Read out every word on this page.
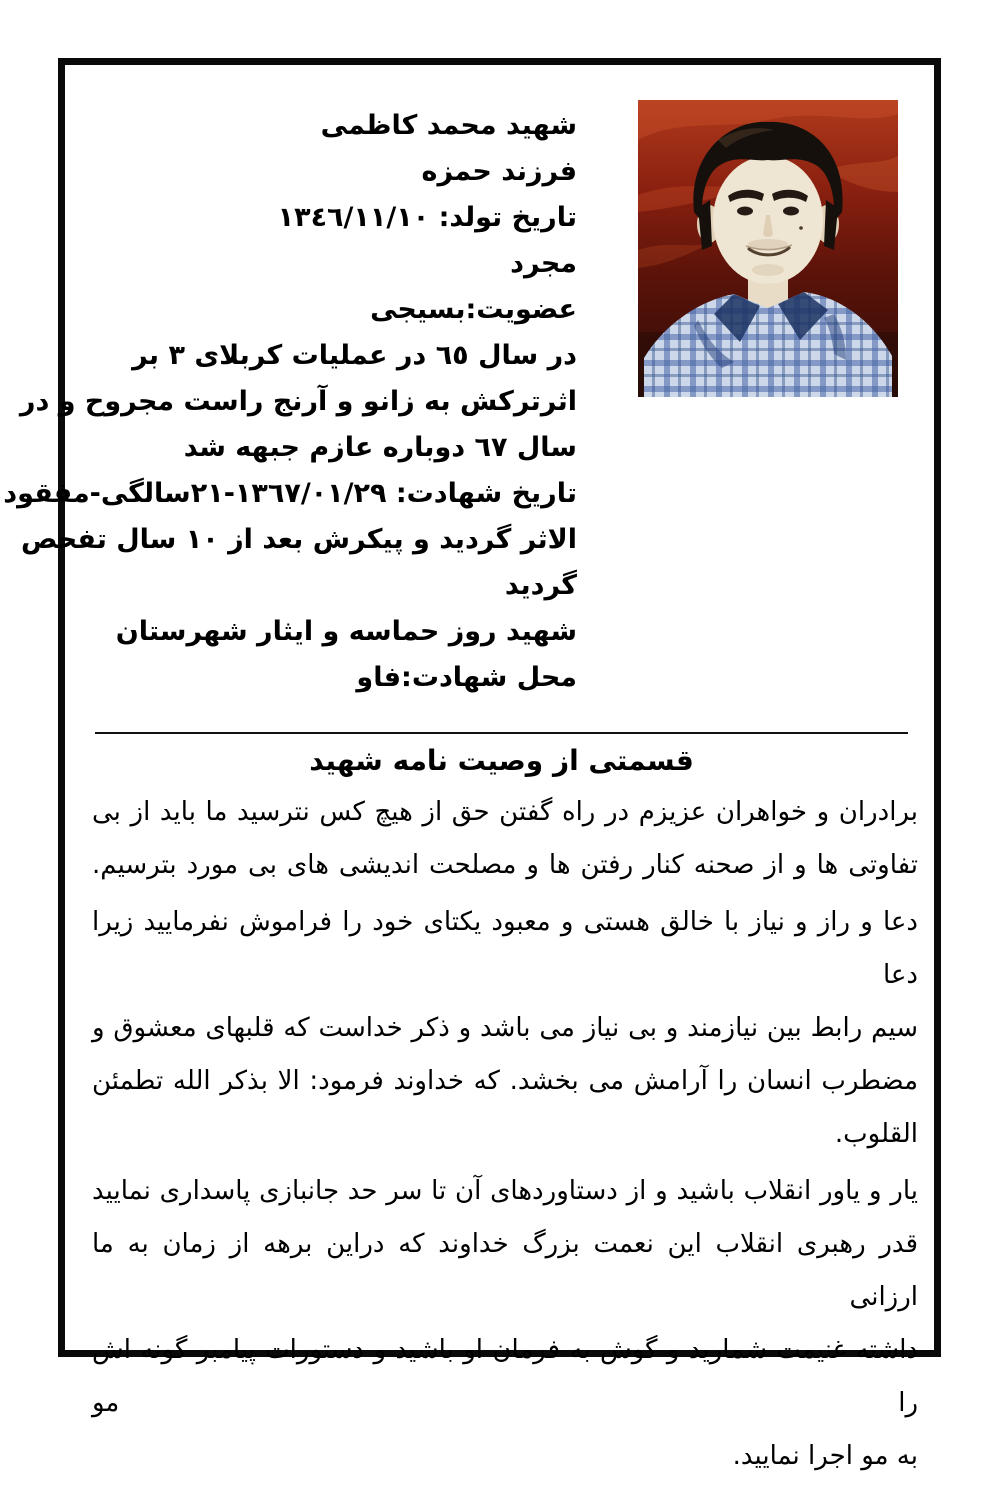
شهید محمد کاظمی
فرزند حمزه
تاریخ تولد: ١٣٤٦/١١/١٠
مجرد
عضویت:بسیجی
در سال ٦٥ در عملیات کربلای ٣ بر
اثرترکش به زانو و آرنج راست مجروح و در
سال ٦٧ دوباره عازم جبهه شد
تاریخ شهادت: ١٣٦٧/٠١/٢٩-٢١سالگی-مفقود
الاثر گردید و پیکرش بعد از ١٠ سال تفحص
گردید
شهید روز حماسه و ایثار شهرستان
محل شهادت:فاو
قسمتی از وصیت نامه شهید
برادران و خواهران عزیزم در راه گفتن حق از هیچ کس نترسید ما باید از بی
تفاوتی ها و از صحنه کنار رفتن ها و مصلحت اندیشی های بی مورد بترسیم.
دعا و راز و نیاز با خالق هستی و معبود یکتای خود را فراموش نفرمایید زیرا دعا
سیم رابط بین نیازمند و بی نیاز می باشد و ذکر خداست که قلبهای معشوق و
مضطرب انسان را آرامش می بخشد. که خداوند فرمود: الا بذکر الله تطمئن
القلوب.
یار و یاور انقلاب باشید و از دستاوردهای آن تا سر حد جانبازی پاسداری نمایید
قدر رهبری انقلاب این نعمت بزرگ خداوند که دراین برهه از زمان به ما ارزانی
داشته غنیمت شمارید و گوش به فرمان او باشید و دستورات پیامبر گونه اش را مو
به مو اجرا نمایید.
